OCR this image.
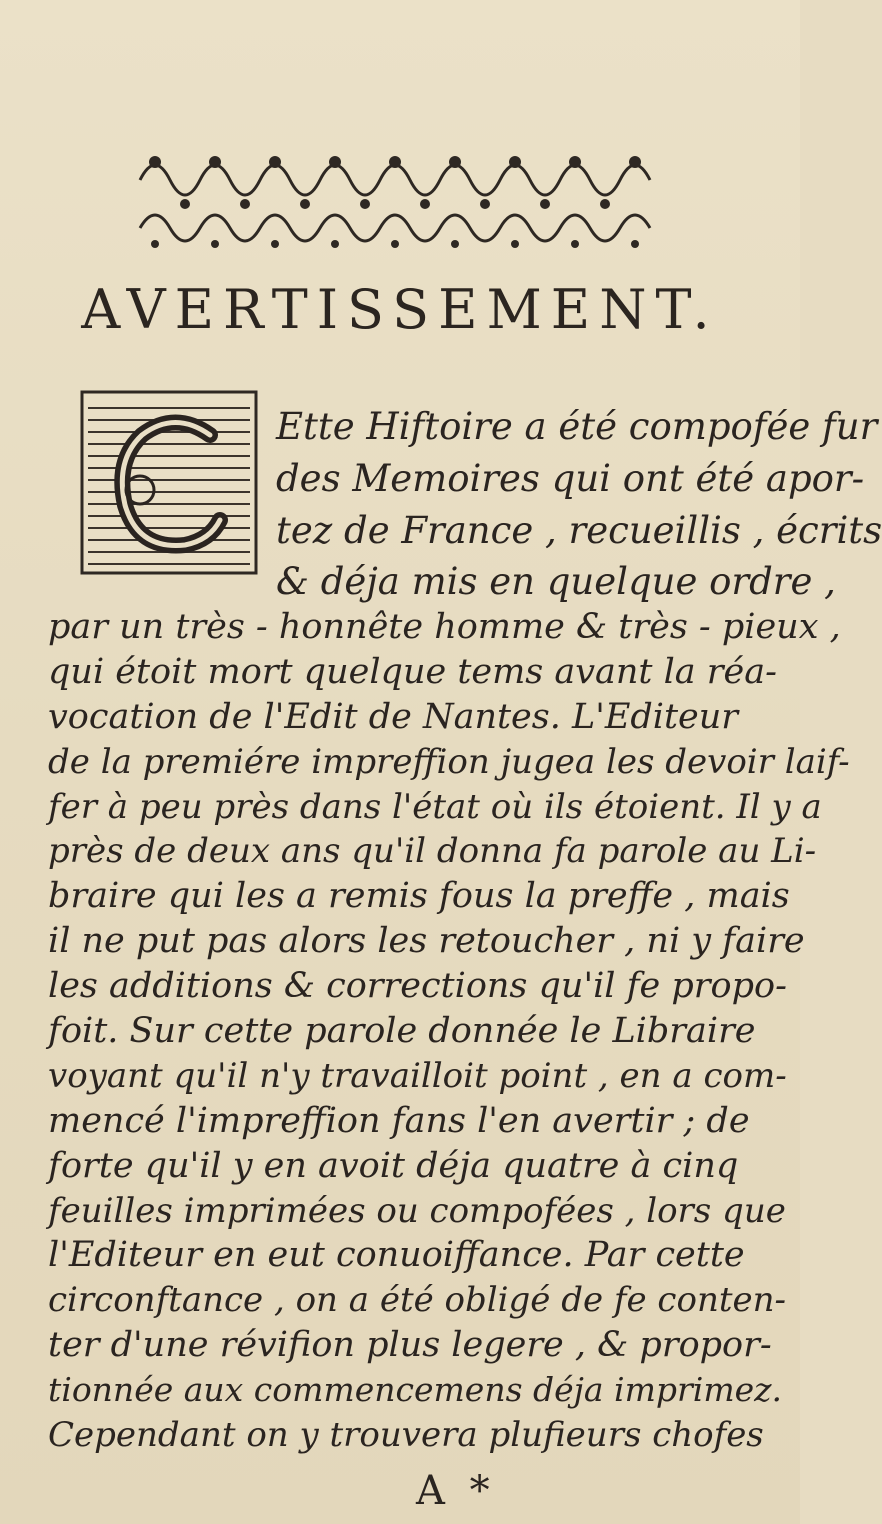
AVERTISSEMENT.
Ette Hiftoire a été compofée fur
des Memoires qui ont été apor-
tez de France , recueillis , écrits
& déja mis en quelque ordre ,
par un très - honnête homme & très - pieux ,
qui étoit mort quelque tems avant la réa-
vocation de l'Edit de Nantes. L'Editeur
de la premiére impreffion jugea les devoir laif-
fer à peu près dans l'état où ils étoient. Il y a
près de deux ans qu'il donna fa parole au Li-
braire qui les a remis fous la preffe , mais
il ne put pas alors les retoucher , ni y faire
les additions & corrections qu'il fe propo-
foit. Sur cette parole donnée le Libraire
voyant qu'il n'y travailloit point , en a com-
mencé l'impreffion fans l'en avertir ; de
forte qu'il y en avoit déja quatre à cinq
feuilles imprimées ou compofées , lors que
l'Editeur en eut conuoiffance. Par cette
circonftance , on a été obligé de fe conten-
ter d'une révifion plus legere , & propor-
tionnée aux commencemens déja imprimez.
Cependant on y trouvera plufieurs chofes
A *
